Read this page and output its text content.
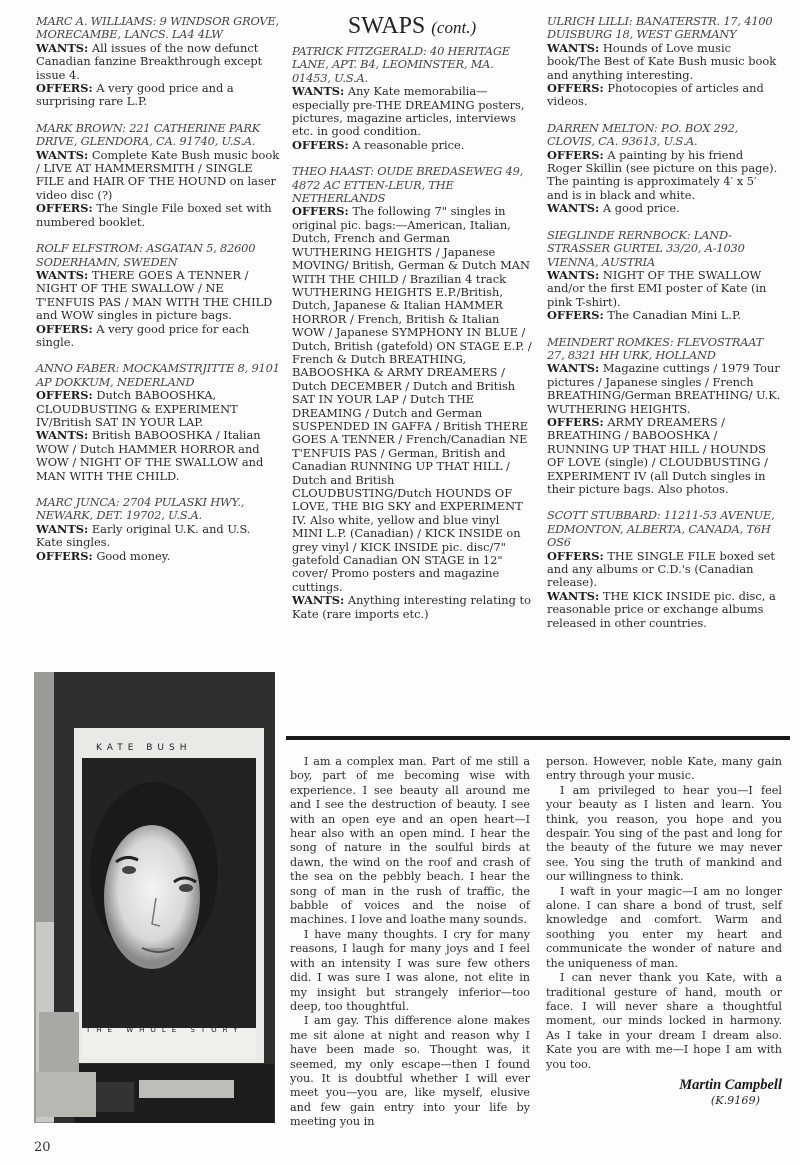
MARC A. WILLIAMS: 9 WINDSOR GROVE, MORECAMBE, LANCS. LA4 4LW
WANTS: All issues of the now defunct Canadian fanzine Breakthrough except issue 4.
OFFERS: A very good price and a surprising rare L.P.
MARK BROWN: 221 CATHERINE PARK DRIVE, GLENDORA, CA. 91740, U.S.A.
WANTS: Complete Kate Bush music book / LIVE AT HAMMERSMITH / SINGLE FILE and HAIR OF THE HOUND on laser video disc (?)
OFFERS: The Single File boxed set with numbered booklet.
ROLF ELFSTROM: ASGATAN 5, 82600 SODERHAMN, SWEDEN
WANTS: THERE GOES A TENNER / NIGHT OF THE SWALLOW / NE T'ENFUIS PAS / MAN WITH THE CHILD and WOW singles in picture bags.
OFFERS: A very good price for each single.
ANNO FABER: MOCKAMSTRJITTE 8, 9101 AP DOKKUM, NEDERLAND
OFFERS: Dutch BABOOSHKA, CLOUDBUSTING & EXPERIMENT IV/British SAT IN YOUR LAP.
WANTS: British BABOOSHKA / Italian WOW / Dutch HAMMER HORROR and WOW / NIGHT OF THE SWALLOW and MAN WITH THE CHILD.
MARC JUNCA: 2704 PULASKI HWY., NEWARK, DET. 19702, U.S.A.
WANTS: Early original U.K. and U.S. Kate singles.
OFFERS: Good money.
SWAPS (cont.)
PATRICK FITZGERALD: 40 HERITAGE LANE, APT. B4, LEOMINSTER, MA. 01453, U.S.A.
WANTS: Any Kate memorabilia—especially pre-THE DREAMING posters, pictures, magazine articles, interviews etc. in good condition.
OFFERS: A reasonable price.
THEO HAAST: OUDE BREDASEWEG 49, 4872 AC ETTEN-LEUR, THE NETHERLANDS
OFFERS: The following 7" singles in original pic. bags:—American, Italian, Dutch, French and German WUTHERING HEIGHTS / Japanese MOVING/ British, German & Dutch MAN WITH THE CHILD / Brazilian 4 track WUTHERING HEIGHTS E.P./British, Dutch, Japanese & Italian HAMMER HORROR / French, British & Italian WOW / Japanese SYMPHONY IN BLUE / Dutch, British (gatefold) ON STAGE E.P. / French & Dutch BREATHING, BABOOSHKA & ARMY DREAMERS / Dutch DECEMBER / Dutch and British SAT IN YOUR LAP / Dutch THE DREAMING / Dutch and German SUSPENDED IN GAFFA / British THERE GOES A TENNER / French/Canadian NE T'ENFUIS PAS / German, British and Canadian RUNNING UP THAT HILL / Dutch and British CLOUDBUSTING/Dutch HOUNDS OF LOVE, THE BIG SKY and EXPERIMENT IV. Also white, yellow and blue vinyl MINI L.P. (Canadian) / KICK INSIDE on grey vinyl / KICK INSIDE pic. disc/7" gatefold Canadian ON STAGE in 12" cover/ Promo posters and magazine cuttings.
WANTS: Anything interesting relating to Kate (rare imports etc.)
ULRICH LILLI: BANATERSTR. 17, 4100 DUISBURG 18, WEST GERMANY
WANTS: Hounds of Love music book/The Best of Kate Bush music book and anything interesting.
OFFERS: Photocopies of articles and videos.
DARREN MELTON: P.O. BOX 292, CLOVIS, CA. 93613, U.S.A.
OFFERS: A painting by his friend Roger Skillin (see picture on this page). The painting is approximately 4′ x 5′ and is in black and white.
WANTS: A good price.
SIEGLINDE RERNBOCK: LAND-STRASSER GURTEL 33/20, A-1030 VIENNA, AUSTRIA
WANTS: NIGHT OF THE SWALLOW and/or the first EMI poster of Kate (in pink T-shirt).
OFFERS: The Canadian Mini L.P.
MEINDERT ROMKES: FLEVOSTRAAT 27, 8321 HH URK, HOLLAND
WANTS: Magazine cuttings / 1979 Tour pictures / Japanese singles / French BREATHING/German BREATHING/ U.K. WUTHERING HEIGHTS.
OFFERS: ARMY DREAMERS / BREATHING / BABOOSHKA / RUNNING UP THAT HILL / HOUNDS OF LOVE (single) / CLOUDBUSTING / EXPERIMENT IV (all Dutch singles in their picture bags. Also photos.
SCOTT STUBBARD: 11211-53 AVENUE, EDMONTON, ALBERTA, CANADA, T6H OS6
OFFERS: THE SINGLE FILE boxed set and any albums or C.D.'s (Canadian release).
WANTS: THE KICK INSIDE pic. disc, a reasonable price or exchange albums released in other countries.
KATE BUSH
THE WHOLE STORY

I am a complex man. Part of me still a boy, part of me becoming wise with experience. I see beauty all around me and I see the destruction of beauty. I see with an open eye and an open heart—I hear also with an open mind. I hear the song of nature in the soulful birds at dawn, the wind on the roof and crash of the sea on the pebbly beach. I hear the song of man in the rush of traffic, the babble of voices and the noise of machines. I love and loathe many sounds.

I have many thoughts. I cry for many reasons, I laugh for many joys and I feel with an intensity I was sure few others did. I was sure I was alone, not elite in my insight but strangely inferior—too deep, too thoughtful.

I am gay. This difference alone makes me sit alone at night and reason why I have been made so. Thought was, it seemed, my only escape—then I found you. It is doubtful whether I will ever meet you—you are, like myself, elusive and few gain entry into your life by meeting you in

person. However, noble Kate, many gain entry through your music.

I am privileged to hear you—I feel your beauty as I listen and learn. You think, you reason, you hope and you despair. You sing of the past and long for the beauty of the future we may never see. You sing the truth of mankind and our willingness to think.

I waft in your magic—I am no longer alone. I can share a bond of trust, self knowledge and comfort. Warm and soothing you enter my heart and communicate the wonder of nature and the uniqueness of man.

I can never thank you Kate, with a traditional gesture of hand, mouth or face. I will never share a thoughtful moment, our minds locked in harmony. As I take in your dream I dream also. Kate you are with me—I hope I am with you too.

Martin Campbell
(K.9169)
20
